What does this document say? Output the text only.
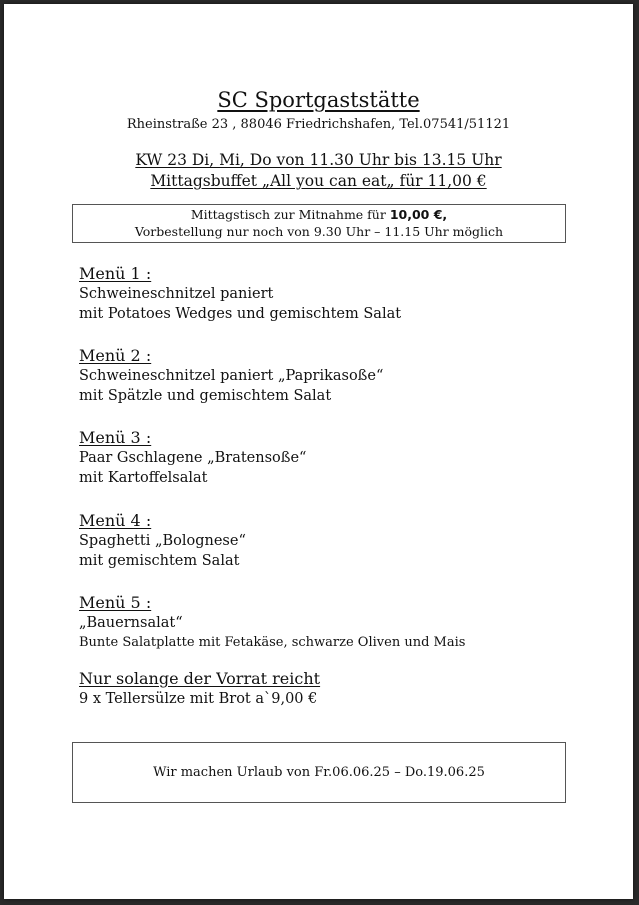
SC Sportgaststätte
Rheinstraße 23 , 88046 Friedrichshafen, Tel.07541/51121
KW 23 Di, Mi, Do von 11.30 Uhr bis 13.15 Uhr
Mittagsbuffet „All you can eat„ für 11,00 €
Mittagstisch zur Mitnahme für 10,00 €,
Vorbestellung nur noch von 9.30 Uhr – 11.15 Uhr möglich
Menü 1 :
Schweineschnitzel paniert
mit Potatoes Wedges und gemischtem Salat
Menü 2 :
Schweineschnitzel paniert „Paprikasoße“
mit Spätzle und gemischtem Salat
Menü 3 :
Paar Gschlagene „Bratensoße“
mit Kartoffelsalat
Menü 4 :
Spaghetti „Bolognese“
mit gemischtem Salat
Menü 5 :
„Bauernsalat“
Bunte Salatplatte mit Fetakäse, schwarze Oliven und Mais
Nur solange der Vorrat reicht
9 x Tellersülze mit Brot a`9,00 €
Wir machen Urlaub von Fr.06.06.25 – Do.19.06.25
